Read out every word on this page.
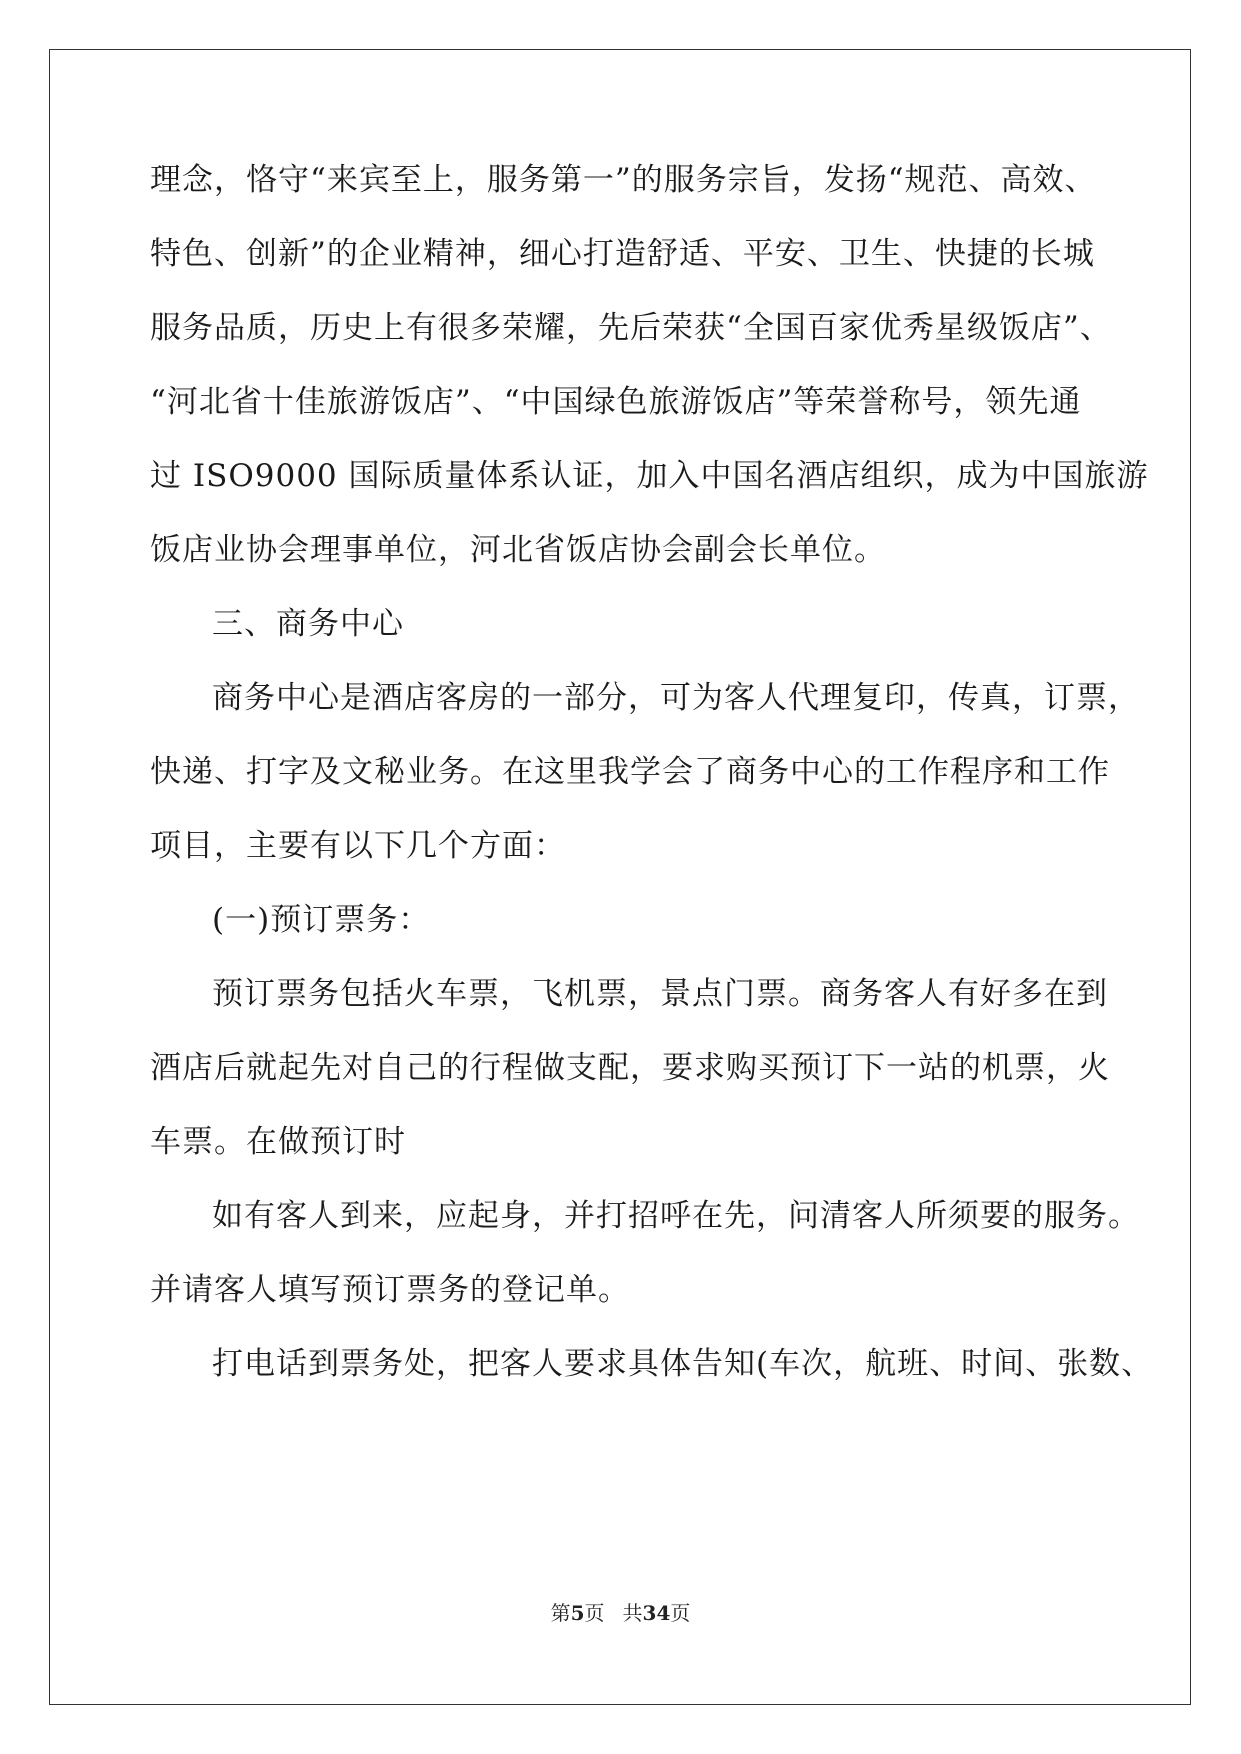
理念，恪守“来宾至上，服务第一”的服务宗旨，发扬“规范、高效、
特色、创新”的企业精神，细心打造舒适、平安、卫生、快捷的长城
服务品质，历史上有很多荣耀，先后荣获“全国百家优秀星级饭店”、
“河北省十佳旅游饭店”、“中国绿色旅游饭店”等荣誉称号，领先通
过 ISO9000 国际质量体系认证，加入中国名酒店组织，成为中国旅游
饭店业协会理事单位，河北省饭店协会副会长单位。
三、商务中心
商务中心是酒店客房的一部分，可为客人代理复印，传真，订票，
快递、打字及文秘业务。在这里我学会了商务中心的工作程序和工作
项目，主要有以下几个方面：
(一)预订票务：
预订票务包括火车票，飞机票，景点门票。商务客人有好多在到
酒店后就起先对自己的行程做支配，要求购买预订下一站的机票，火
车票。在做预订时
如有客人到来，应起身，并打招呼在先，问清客人所须要的服务。
并请客人填写预订票务的登记单。
打电话到票务处，把客人要求具体告知(车次，航班、时间、张数、
第5页 共34页
